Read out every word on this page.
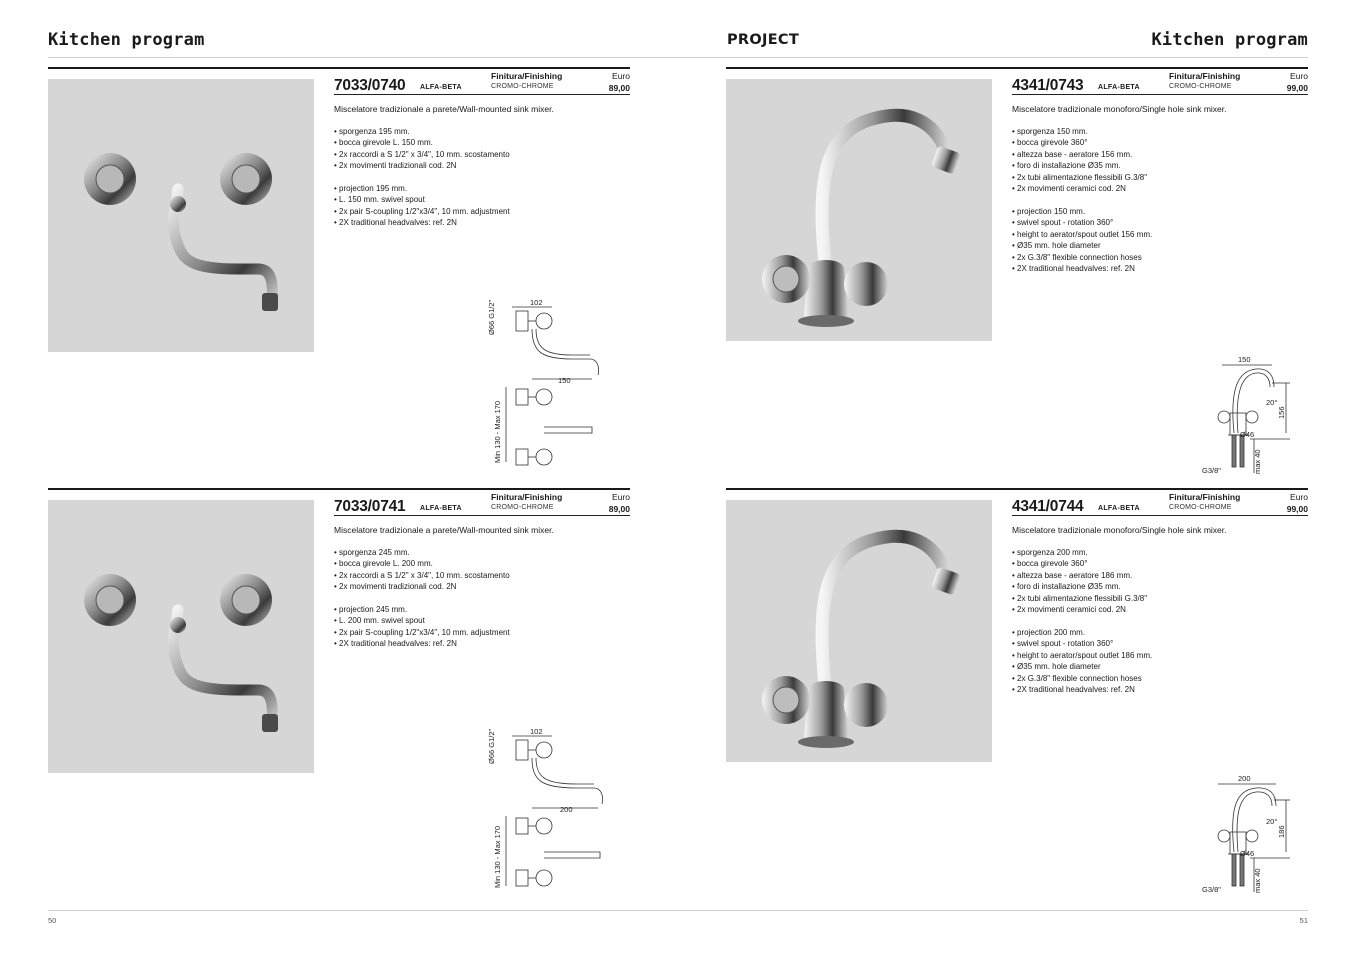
Kitchen program	PROJECT	Kitchen program
7033/0740 ALFA-BETA
Finitura/Finishing
CROMO-CHROME
Euro
89,00
Miscelatore tradizionale a parete/Wall-mounted sink mixer.
• sporgenza 195 mm.
• bocca girevole L. 150 mm.
• 2x raccordi a S 1/2" x 3/4", 10 mm. scostamento
• 2x movimenti tradizionali cod. 2N
• projection 195 mm.
• L. 150 mm. swivel spout
• 2x pair S-coupling 1/2"x3/4", 10 mm. adjustment
• 2X traditional headvalves: ref. 2N
102
Ø66 G1/2"
150
Min 130 - Max 170
7033/0741 ALFA-BETA
Finitura/Finishing
CROMO-CHROME
Euro
89,00
Miscelatore tradizionale a parete/Wall-mounted sink mixer.
• sporgenza 245 mm.
• bocca girevole L. 200 mm.
• 2x raccordi a S 1/2" x 3/4", 10 mm. scostamento
• 2x movimenti tradizionali cod. 2N
• projection 245 mm.
• L. 200 mm. swivel spout
• 2x pair S-coupling 1/2"x3/4", 10 mm. adjustment
• 2X traditional headvalves: ref. 2N
102
Ø66 G1/2"
200
Min 130 - Max 170
4341/0743 ALFA-BETA
Finitura/Finishing
CROMO-CHROME
Euro
99,00
Miscelatore tradizionale monoforo/Single hole sink mixer.
• sporgenza 150 mm.
• bocca girevole 360°
• altezza base - aeratore 156 mm.
• foro di installazione Ø35 mm.
• 2x tubi alimentazione flessibili G.3/8"
• 2x movimenti ceramici cod. 2N
• projection 150 mm.
• swivel spout - rotation 360°
• height to aerator/spout outlet 156 mm.
• Ø35 mm. hole diameter
• 2x G.3/8" flexible connection hoses
• 2X traditional headvalves: ref. 2N
150
20°
156
Ø46
G3/8"	max 40
4341/0744 ALFA-BETA
Finitura/Finishing
CROMO-CHROME
Euro
99,00
Miscelatore tradizionale monoforo/Single hole sink mixer.
• sporgenza 200 mm.
• bocca girevole 360°
• altezza base - aeratore 186 mm.
• foro di installazione Ø35 mm.
• 2x tubi alimentazione flessibili G.3/8"
• 2x movimenti ceramici cod. 2N
• projection 200 mm.
• swivel spout - rotation 360°
• height to aerator/spout outlet 186 mm.
• Ø35 mm. hole diameter
• 2x G.3/8" flexible connection hoses
• 2X traditional headvalves: ref. 2N
200
20°
186
Ø46
G3/8"	max 40
50	51
